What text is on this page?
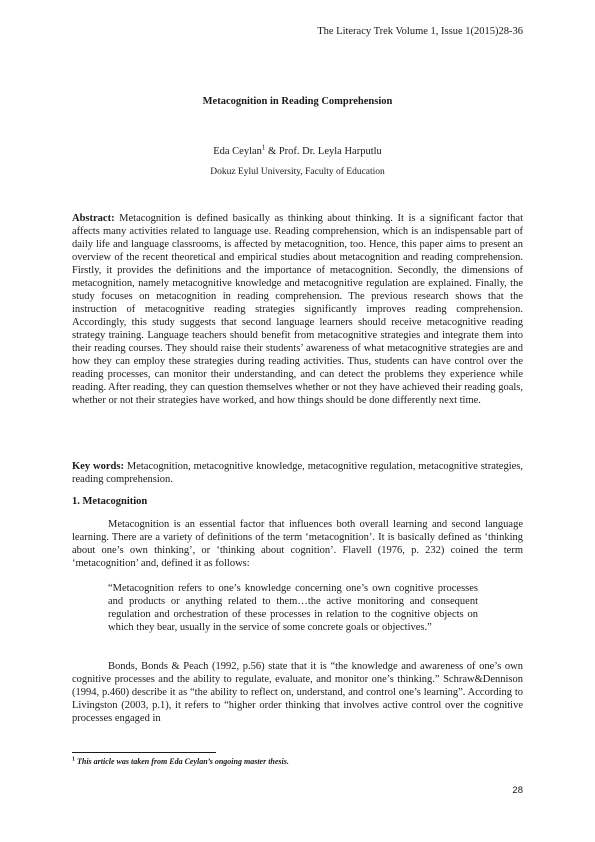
The Literacy Trek Volume 1, Issue 1(2015)28-36
Metacognition in Reading Comprehension
Eda Ceylan$^1$ & Prof. Dr. Leyla Harputlu
Dokuz Eylul University, Faculty of Education
Abstract: Metacognition is defined basically as thinking about thinking. It is a significant factor that affects many activities related to language use. Reading comprehension, which is an indispensable part of daily life and language classrooms, is affected by metacognition, too. Hence, this paper aims to present an overview of the recent theoretical and empirical studies about metacognition and reading comprehension. Firstly, it provides the definitions and the importance of metacognition. Secondly, the dimensions of metacognition, namely metacognitive knowledge and metacognitive regulation are explained. Finally, the study focuses on metacognition in reading comprehension. The previous research shows that the instruction of metacognitive reading strategies significantly improves reading comprehension. Accordingly, this study suggests that second language learners should receive metacognitive reading strategy training. Language teachers should benefit from metacognitive strategies and integrate them into their reading courses. They should raise their students’ awareness of what metacognitive strategies are and how they can employ these strategies during reading activities. Thus, students can have control over the reading processes, can monitor their understanding, and can detect the problems they experience while reading. After reading, they can question themselves whether or not they have achieved their reading goals, whether or not their strategies have worked, and how things should be done differently next time.
Key words: Metacognition, metacognitive knowledge, metacognitive regulation, metacognitive strategies, reading comprehension.
1. Metacognition
Metacognition is an essential factor that influences both overall learning and second language learning. There are a variety of definitions of the term ‘metacognition’. It is basically defined as ‘thinking about one’s own thinking’, or ‘thinking about cognition’. Flavell (1976, p. 232) coined the term ‘metacognition’ and, defined it as follows:
“Metacognition refers to one’s knowledge concerning one’s own cognitive processes and products or anything related to them…the active monitoring and consequent regulation and orchestration of these processes in relation to the cognitive objects on which they bear, usually in the service of some concrete goals or objectives.”
Bonds, Bonds & Peach (1992, p.56) state that it is “the knowledge and awareness of one’s own cognitive processes and the ability to regulate, evaluate, and monitor one’s thinking.” Schraw&Dennison (1994, p.460) describe it as “the ability to reflect on, understand, and control one’s learning”. According to Livingston (2003, p.1), it refers to “higher order thinking that involves active control over the cognitive processes engaged in
$^1$ This article was taken from Eda Ceylan’s ongoing master thesis.
28
